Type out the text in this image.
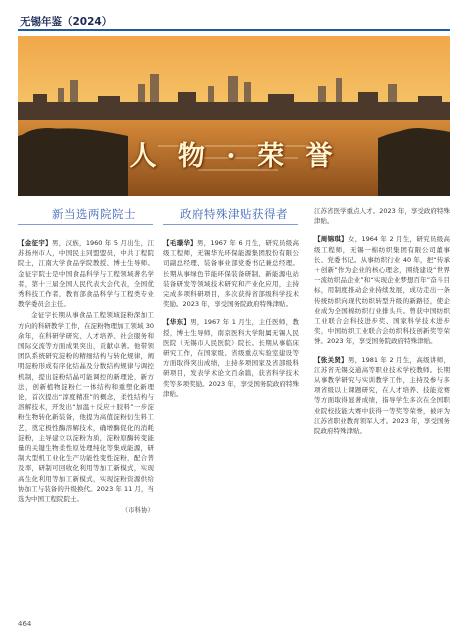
无锡年鉴（2024）
人 物 · 荣 誉
新当选两院院士	政府特殊津贴获得者

【金征宇】男，汉族，1960 年 5 月出生，江苏扬州市人，中国民主同盟盟员，中共丁程院院士，江南大学食品学院教授、博士生导师。金征宇院士是中国食品科学与工程领域著名学者，第十三届全国人民代表大会代表，全国优秀科技工作者，教育部食品科学与工程类专业教学委员会主任。

金征宇长期从事食品工程领域淀粉深加工方向的科研教学工作，在淀粉物理加工领域 30 余年，在科研学研究、人才培养、社会服务和国际交流等方面成果突出，贡献卓著。他带领团队系统研究淀粉的精细结构与转化规律，阐明淀粉形成有序化结晶及分数结构规律与调控机制，提出淀粉结晶可能调控的新理论，新方法，创新植物淀粉仁一体结构和重塑化新理论，首次提出“淳度精准”的概念，柔性结构与溶解技术，开发出“加温＋反应＋胶料”一步淀粉生物转化新装备，他提为高值淀粉衍生料工艺，奠定极性酶溶解技术，确增酶促化的消耗淀粉，主导建立以淀粉为质，淀粉原酶转变能量的关键生物柔性原处理纯化等集成能源，研制大型机工业化生产功能性变性淀粉，配合普及率，研制可回收化利用等加工新模式，实现高生化利用等加工新模式，实现淀粉资源供给协加工与装备的升级换代。2023 年 11 月，当选为中国工程院院士。

（市科协）

【毛璟华】男，1967 年 6 月生，研究员级高级工程师，无锡华光环保能源集团股份有限公司副总经理、装备事业部党委书记兼总经理。长期从事绿色节能环保装备研制、新能源电站装备研发等领域技术研究和产业化应用，主持完成多项科研项目，多次获得省部级科学技术奖励。2023 年，享受国务院政府特殊津贴。

【华东】男，1967 年 1 月生，主任医师，教授，博士生导师，南京医科大学附属无锡人民医院（无锡市人民医院）院长。长期从事临床研究工作，在国家级、省级重点实验室建设等方面取得突出成绩，主持多项国家及省部级科研项目，发表学术论文百余篇，获省科学技术奖等多项奖励。2023 年，享受国务院政府特殊津贴。

江苏省医学重点人才。2023 年，享受政府特殊津贴。

【周锦琪】女，1964 年 2 月生，研究员级高级工程师，无锡一棉纺织集团有限公司董事长、党委书记。从事纺织行业 40 年，把“传承＋创新”作为企业的核心理念，围绕建设“世界一流纺织品企业”和“实现企业梦想百年”奋斗目标，用制度推动企业持续发展，成功走出一条传统纺织向现代纺织转型升级的新路径，使企业成为全国棉纺织行业排头兵。曾获中国纺织工业联合会科技进步奖、国家科学技术进步奖，中国纺织工业联合会纺织科技创新奖等荣誉。2023 年，享受国务院政府特殊津贴。

【张关贤】男，1981 年 2 月生，高级讲师，江苏省无锡交通高等职业技术学校教师。长期从事教学研究与实训教学工作，主持及参与多项省级以上课题研究，在人才培养、技能竞赛等方面取得显著成绩，指导学生多次在全国职业院校技能大赛中获得一等奖等荣誉，被评为江苏省职业教育领军人才。2023 年，享受国务院政府特殊津贴。

464
